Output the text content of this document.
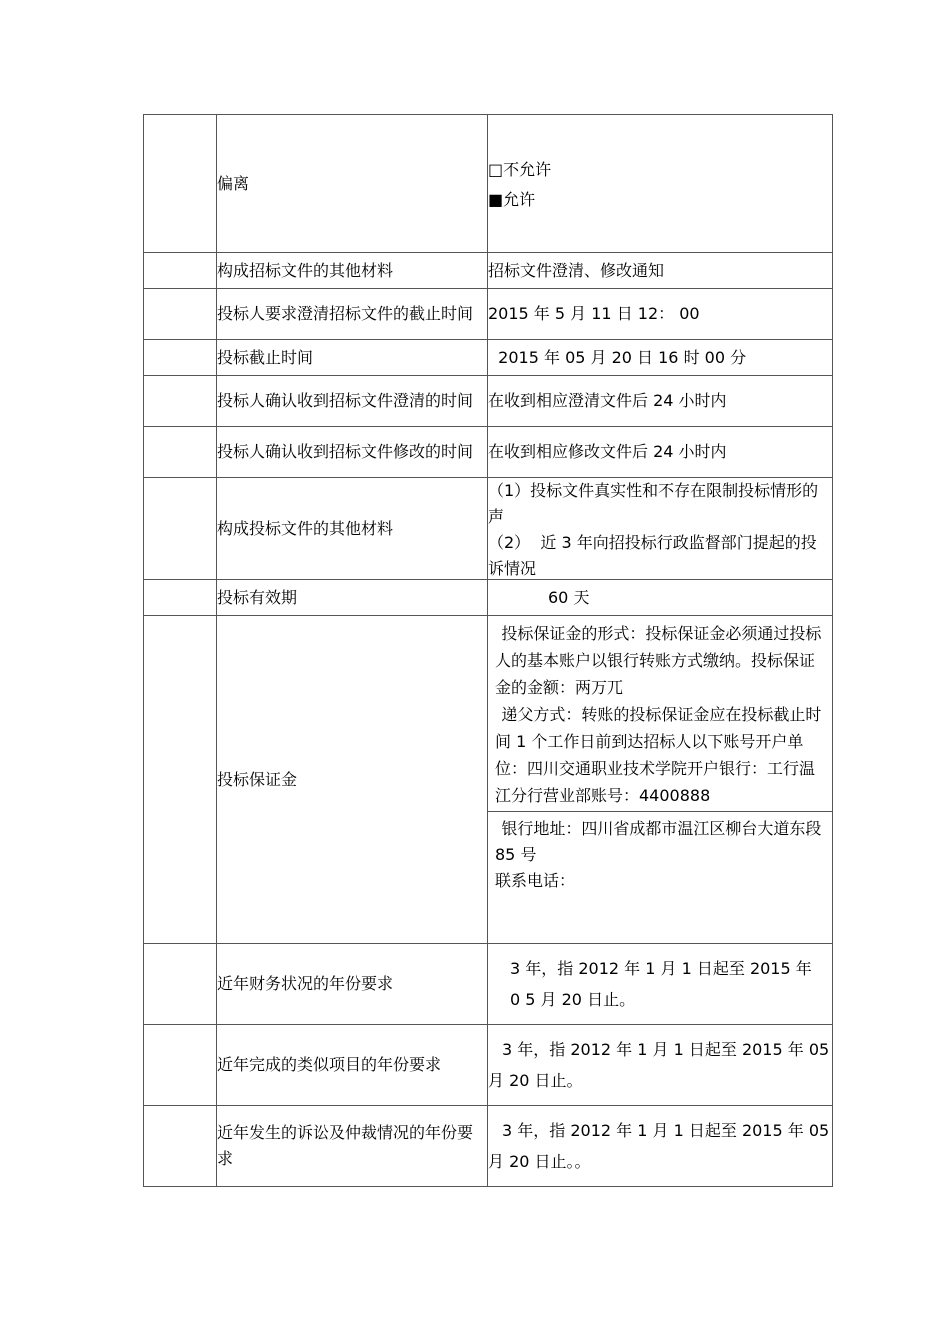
	偏离	□不允许
■允许

	构成招标文件的其他材料	招标文件澄清、修改通知
	投标人要求澄清招标文件的截止时间	2015 年 5 月 11 日 12： 00
	投标截止时间	2015 年 05 月 20 日 16 时 00 分
	投标人确认收到招标文件澄清的时间	在收到相应澄清文件后 24 小时内
	投标人确认收到招标文件修改的时间	在收到相应修改文件后 24 小时内
	构成投标文件的其他材料	（1）投标文件真实性和不存在限制投标情形的声
（2）  近 3 年向招投标行政监督部门提起的投诉情况

	投标有效期	60 天
	投标保证金	投标保证金的形式：投标保证金必须通过投标人的基本账户以银行转账方式缴纳。投标保证金的金额：两万兀
递父方式：转账的投标保证金应在投标截止时间 1 个工作日前到达招标人以下账号开户单位：四川交通职业技术学院开户银行：工行温江分行营业部账号：4400888
银行地址：四川省成都市温江区柳台大道东段 85 号
联系电话：

	近年财务状况的年份要求	3 年，指 2012 年 1 月 1 日起至 2015 年 0 5 月 20 日止。
	近年完成的类似项目的年份要求	3 年，指 2012 年 1 月 1 日起至 2015 年 05 月 20 日止。
	近年发生的诉讼及仲裁情况的年份要求	3 年，指 2012 年 1 月 1 日起至 2015 年 05 月 20 日止。。
